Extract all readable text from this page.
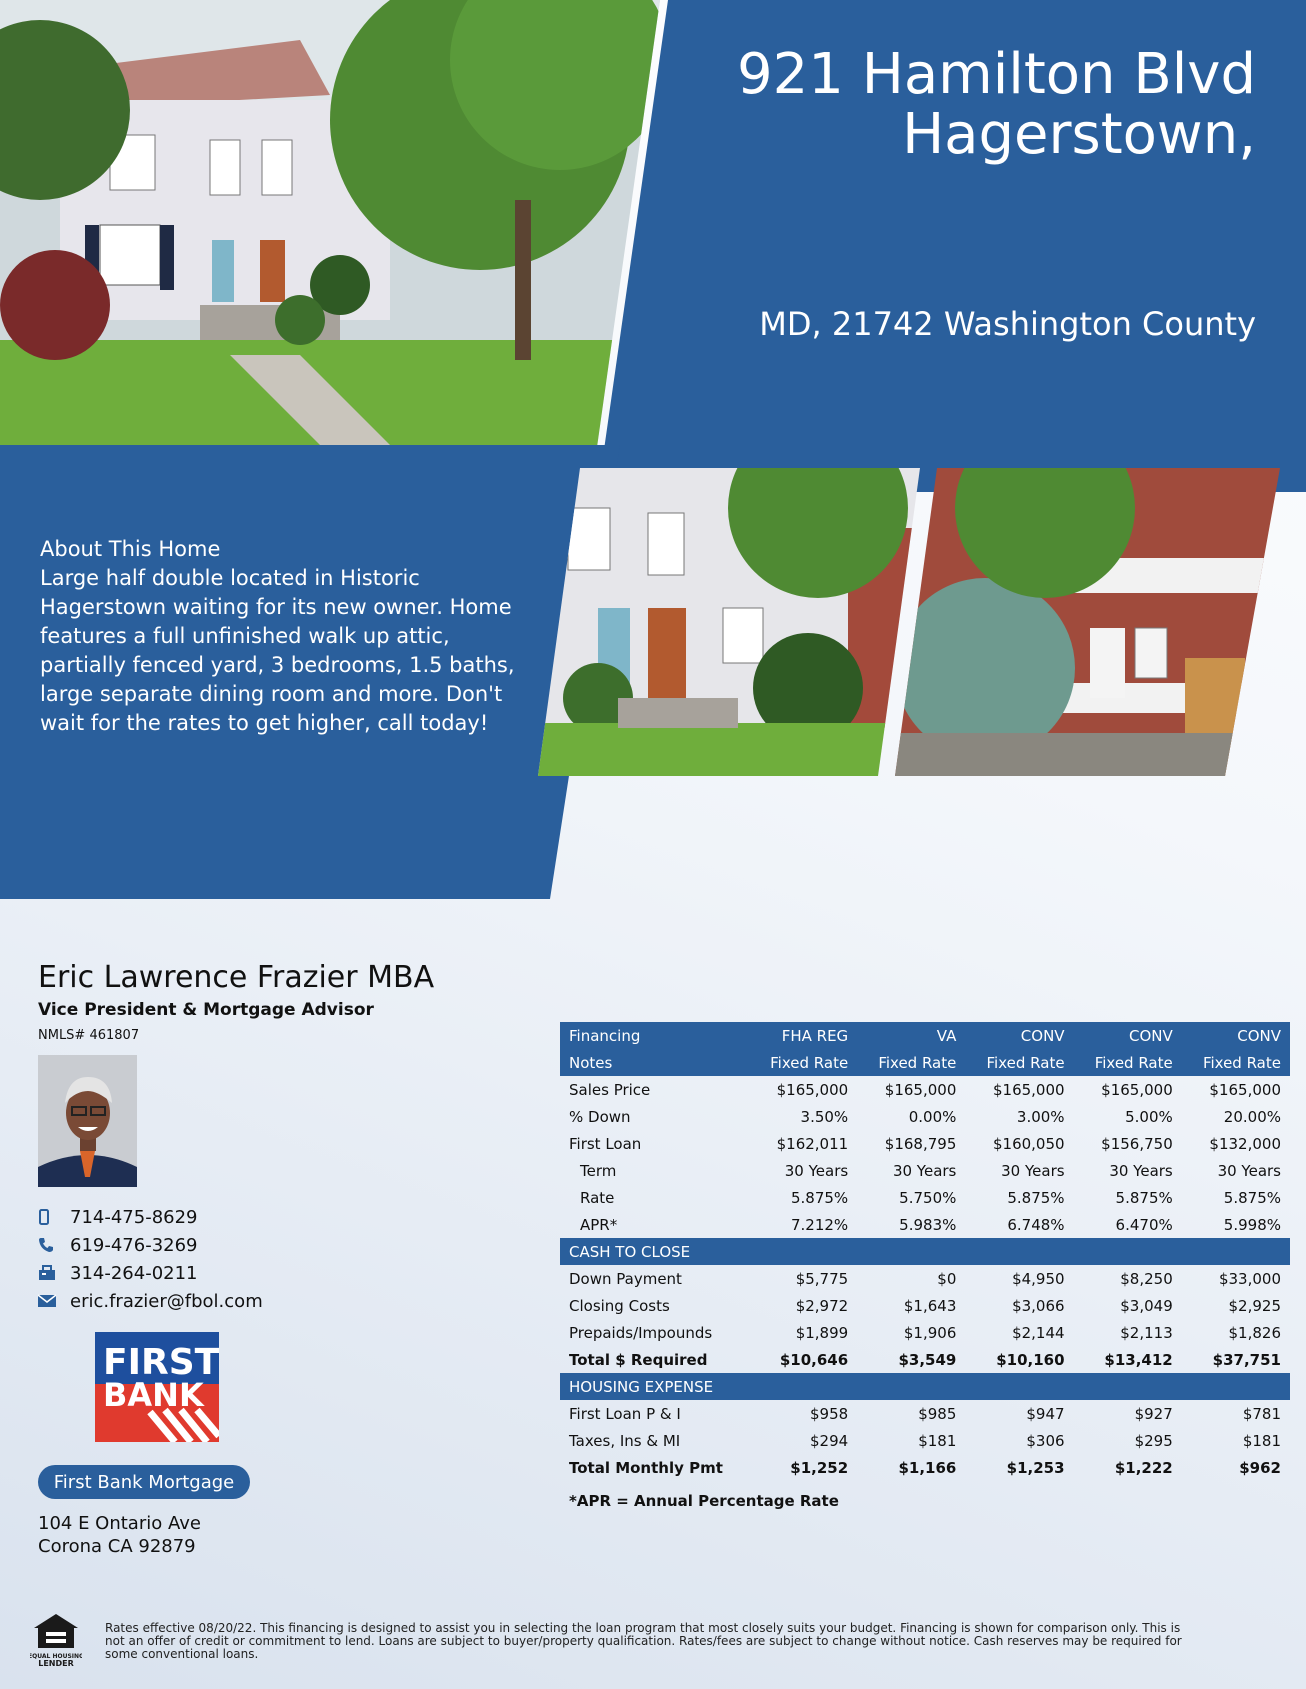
921 Hamilton Blvd
Hagerstown,
MD, 21742 Washington County
About This Home
Large half double located in Historic Hagerstown waiting for its new owner. Home features a full unfinished walk up attic, partially fenced yard, 3 bedrooms, 1.5 baths, large separate dining room and more. Don't wait for the rates to get higher, call today!
Eric Lawrence Frazier MBA
Vice President & Mortgage Advisor
NMLS# 461807
714-475-8629
619-476-3269
314-264-0211
eric.frazier@fbol.com
FIRST
BANK
First Bank Mortgage
104 E Ontario Ave
Corona CA 92879
Financing	FHA REG	VA	CONV	CONV	CONV
Notes	Fixed Rate	Fixed Rate	Fixed Rate	Fixed Rate	Fixed Rate
Sales Price	$165,000	$165,000	$165,000	$165,000	$165,000
% Down	3.50%	0.00%	3.00%	5.00%	20.00%
First Loan	$162,011	$168,795	$160,050	$156,750	$132,000
Term	30 Years	30 Years	30 Years	30 Years	30 Years
Rate	5.875%	5.750%	5.875%	5.875%	5.875%
APR*	7.212%	5.983%	6.748%	6.470%	5.998%
CASH TO CLOSE					
Down Payment	$5,775	$0	$4,950	$8,250	$33,000
Closing Costs	$2,972	$1,643	$3,066	$3,049	$2,925
Prepaids/Impounds	$1,899	$1,906	$2,144	$2,113	$1,826
Total $ Required	$10,646	$3,549	$10,160	$13,412	$37,751
HOUSING EXPENSE					
First Loan P & I	$958	$985	$947	$927	$781
Taxes, Ins & MI	$294	$181	$306	$295	$181
Total Monthly Pmt	$1,252	$1,166	$1,253	$1,222	$962
*APR = Annual Percentage Rate
EQUAL HOUSING
LENDER
Rates effective 08/20/22. This financing is designed to assist you in selecting the loan program that most closely suits your budget. Financing is shown for comparison only. This is not an offer of credit or commitment to lend. Loans are subject to buyer/property qualification. Rates/fees are subject to change without notice. Cash reserves may be required for some conventional loans.
